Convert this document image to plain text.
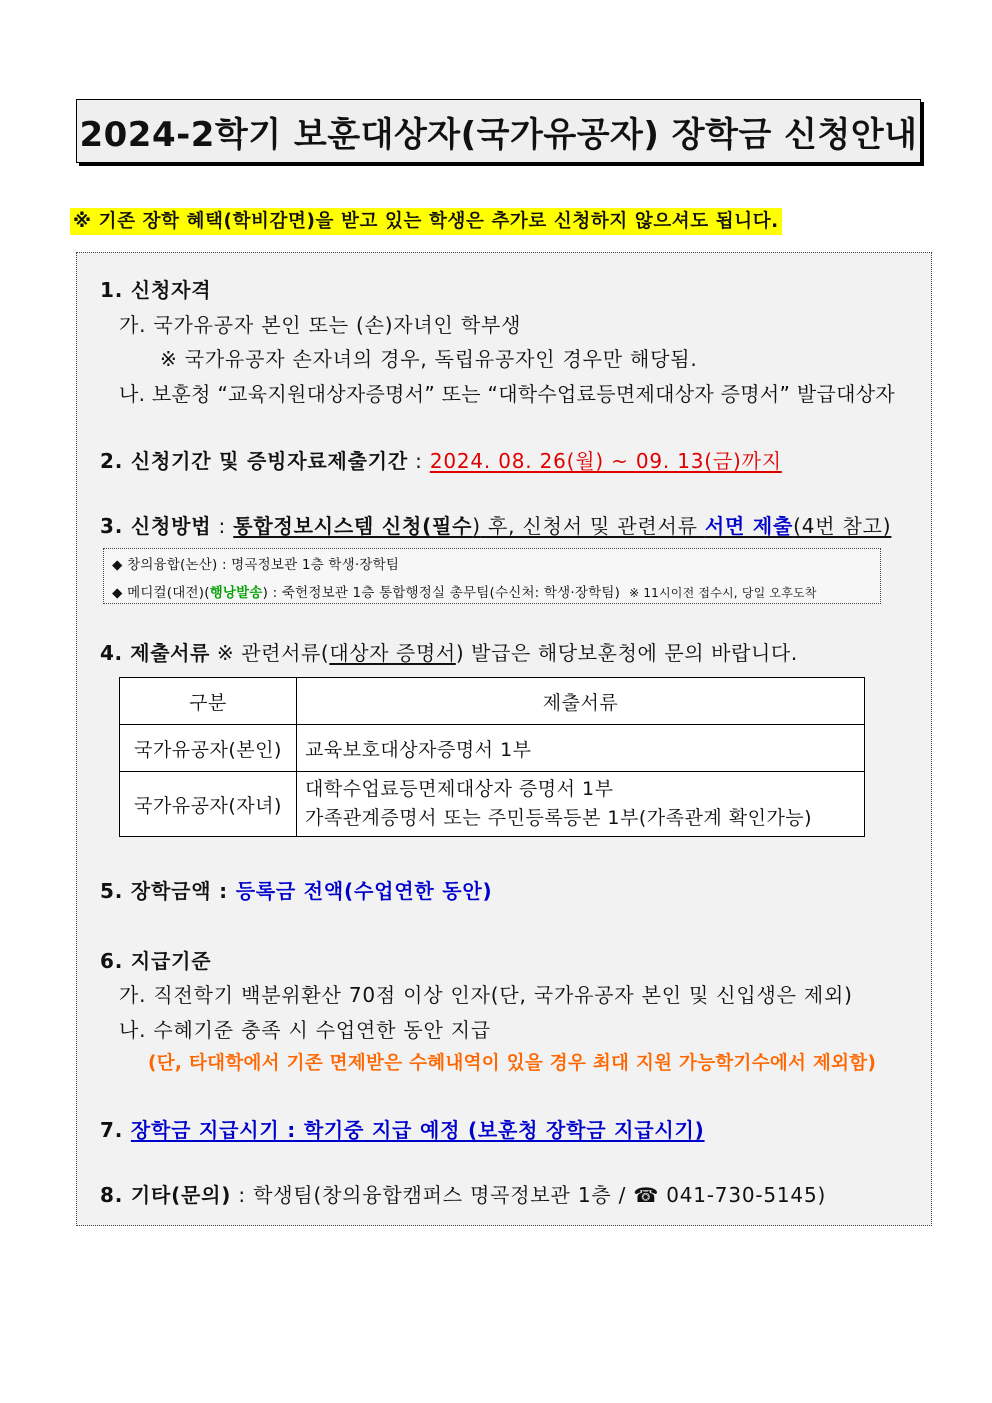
2024-2학기 보훈대상자(국가유공자) 장학금 신청안내
※ 기존 장학 혜택(학비감면)을 받고 있는 학생은 추가로 신청하지 않으셔도 됩니다.
1. 신청자격
가. 국가유공자 본인 또는 (손)자녀인 학부생
※ 국가유공자 손자녀의 경우, 독립유공자인 경우만 해당됨.
나. 보훈청 “교육지원대상자증명서” 또는 “대학수업료등면제대상자 증명서” 발급대상자
2. 신청기간 및 증빙자료제출기간 : 2024. 08. 26(월) ~ 09. 13(금)까지
3. 신청방법 : 통합정보시스템 신청(필수) 후, 신청서 및 관련서류 서면 제출(4번 참고)
◆ 창의융합(논산) : 명곡정보관 1층 학생·장학팀
◆ 메디컬(대전)(행낭발송) : 죽헌정보관 1층 통합행정실 총무팀(수신처: 학생·장학팀) ※ 11시이전 접수시, 당일 오후도착
4. 제출서류 ※ 관련서류(대상자 증명서) 발급은 해당보훈청에 문의 바랍니다.
구분	제출서류
국가유공자(본인)	교육보호대상자증명서 1부
국가유공자(자녀)	대학수업료등면제대상자 증명서 1부
가족관계증명서 또는 주민등록등본 1부(가족관계 확인가능)
5. 장학금액 : 등록금 전액(수업연한 동안)
6. 지급기준
가. 직전학기 백분위환산 70점 이상 인자(단, 국가유공자 본인 및 신입생은 제외)
나. 수혜기준 충족 시 수업연한 동안 지급
(단, 타대학에서 기존 면제받은 수혜내역이 있을 경우 최대 지원 가능학기수에서 제외함)
7. 장학금 지급시기 : 학기중 지급 예정 (보훈청 장학금 지급시기)
8. 기타(문의) : 학생팀(창의융합캠퍼스 명곡정보관 1층 / ☎ 041-730-5145)
